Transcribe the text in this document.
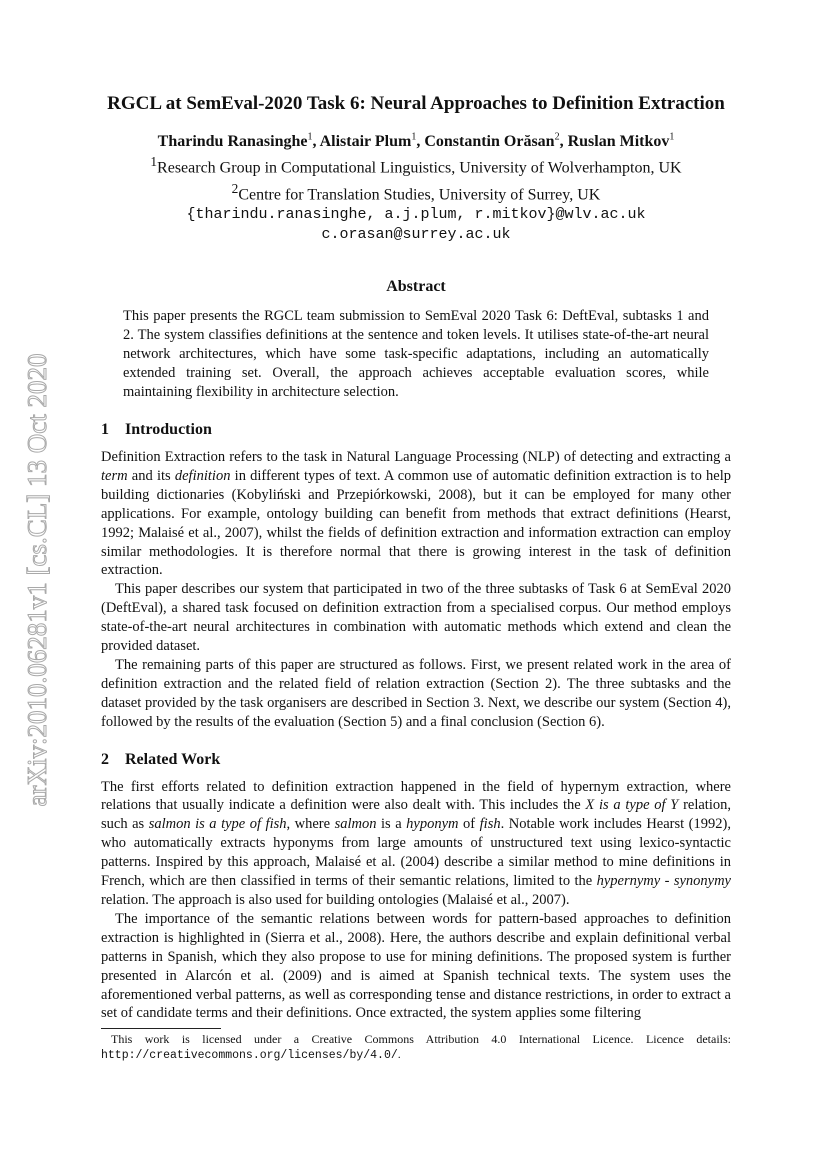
arXiv:2010.06281v1 [cs.CL] 13 Oct 2020
RGCL at SemEval-2020 Task 6: Neural Approaches to Definition Extraction
Tharindu Ranasinghe$^1$, Alistair Plum$^1$, Constantin Orăsan$^2$, Ruslan Mitkov$^1$
$^1$Research Group in Computational Linguistics, University of Wolverhampton, UK
$^2$Centre for Translation Studies, University of Surrey, UK
{tharindu.ranasinghe, a.j.plum, r.mitkov}@wlv.ac.uk
c.orasan@surrey.ac.uk
Abstract

This paper presents the RGCL team submission to SemEval 2020 Task 6: DeftEval, subtasks 1 and 2. The system classifies definitions at the sentence and token levels. It utilises state-of-the-art neural network architectures, which have some task-specific adaptations, including an automatically extended training set. Overall, the approach achieves acceptable evaluation scores, while maintaining flexibility in architecture selection.

1 Introduction

Definition Extraction refers to the task in Natural Language Processing (NLP) of detecting and extracting a term and its definition in different types of text. A common use of automatic definition extraction is to help building dictionaries (Kobyliński and Przepiórkowski, 2008), but it can be employed for many other applications. For example, ontology building can benefit from methods that extract definitions (Hearst, 1992; Malaisé et al., 2007), whilst the fields of definition extraction and information extraction can employ similar methodologies. It is therefore normal that there is growing interest in the task of definition extraction.

This paper describes our system that participated in two of the three subtasks of Task 6 at SemEval 2020 (DeftEval), a shared task focused on definition extraction from a specialised corpus. Our method employs state-of-the-art neural architectures in combination with automatic methods which extend and clean the provided dataset.

The remaining parts of this paper are structured as follows. First, we present related work in the area of definition extraction and the related field of relation extraction (Section 2). The three subtasks and the dataset provided by the task organisers are described in Section 3. Next, we describe our system (Section 4), followed by the results of the evaluation (Section 5) and a final conclusion (Section 6).

2 Related Work

The first efforts related to definition extraction happened in the field of hypernym extraction, where relations that usually indicate a definition were also dealt with. This includes the X is a type of Y relation, such as salmon is a type of fish, where salmon is a hyponym of fish. Notable work includes Hearst (1992), who automatically extracts hyponyms from large amounts of unstructured text using lexico-syntactic patterns. Inspired by this approach, Malaisé et al. (2004) describe a similar method to mine definitions in French, which are then classified in terms of their semantic relations, limited to the hypernymy - synonymy relation. The approach is also used for building ontologies (Malaisé et al., 2007).

The importance of the semantic relations between words for pattern-based approaches to definition extraction is highlighted in (Sierra et al., 2008). Here, the authors describe and explain definitional verbal patterns in Spanish, which they also propose to use for mining definitions. The proposed system is further presented in Alarcón et al. (2009) and is aimed at Spanish technical texts. The system uses the aforementioned verbal patterns, as well as corresponding tense and distance restrictions, in order to extract a set of candidate terms and their definitions. Once extracted, the system applies some filtering

This work is licensed under a Creative Commons Attribution 4.0 International Licence. Licence details: http://creativecommons.org/licenses/by/4.0/.
